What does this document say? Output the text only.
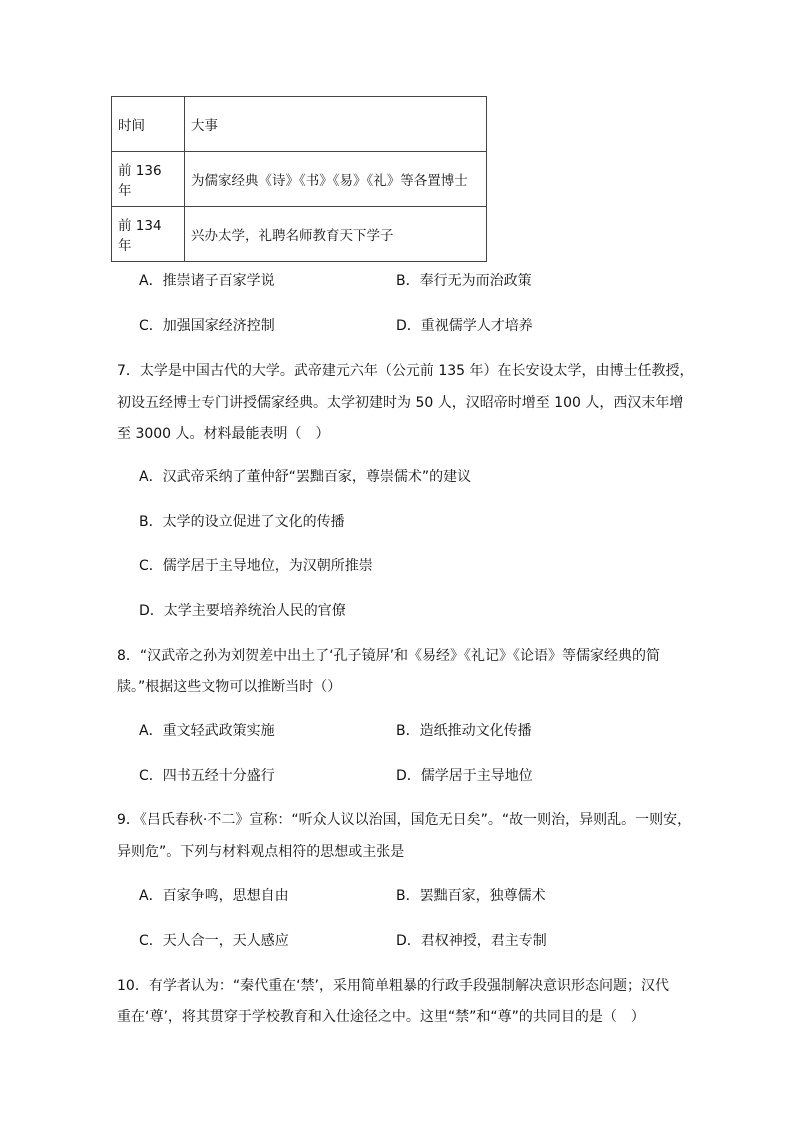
时间	大事
前 136 年	为儒家经典《诗》《书》《易》《礼》等各置博士
前 134 年	兴办太学，礼聘名师教育天下学子
A．推崇诸子百家学说	B．奉行无为而治政策
C．加强国家经济控制	D．重视儒学人才培养
7．太学是中国古代的大学。武帝建元六年（公元前 135 年）在长安设太学，由博士任教授，
初设五经博士专门讲授儒家经典。太学初建时为 50 人，汉昭帝时增至 100 人，西汉末年增
至 3000 人。材料最能表明（　）
A．汉武帝采纳了董仲舒“罢黜百家，尊崇儒术”的建议
B．太学的设立促进了文化的传播
C．儒学居于主导地位，为汉朝所推崇
D．太学主要培养统治人民的官僚
8．“汉武帝之孙为刘贺差中出土了‘孔子镜屏’和《易经》《礼记》《论语》等儒家经典的简
牍。”根据这些文物可以推断当时（）
A．重文轻武政策实施	B．造纸推动文化传播
C．四书五经十分盛行	D．儒学居于主导地位
9．《吕氏春秋·不二》宣称：“听众人议以治国，国危无日矣”。“故一则治，异则乱。一则安，
异则危”。下列与材料观点相符的思想或主张是
A．百家争鸣，思想自由	B．罢黜百家，独尊儒术
C．天人合一，天人感应	D．君权神授，君主专制
10．有学者认为：“秦代重在‘禁’，采用简单粗暴的行政手段强制解决意识形态问题；汉代
重在‘尊’，将其贯穿于学校教育和入仕途径之中。这里“禁”和“尊”的共同目的是（　）
